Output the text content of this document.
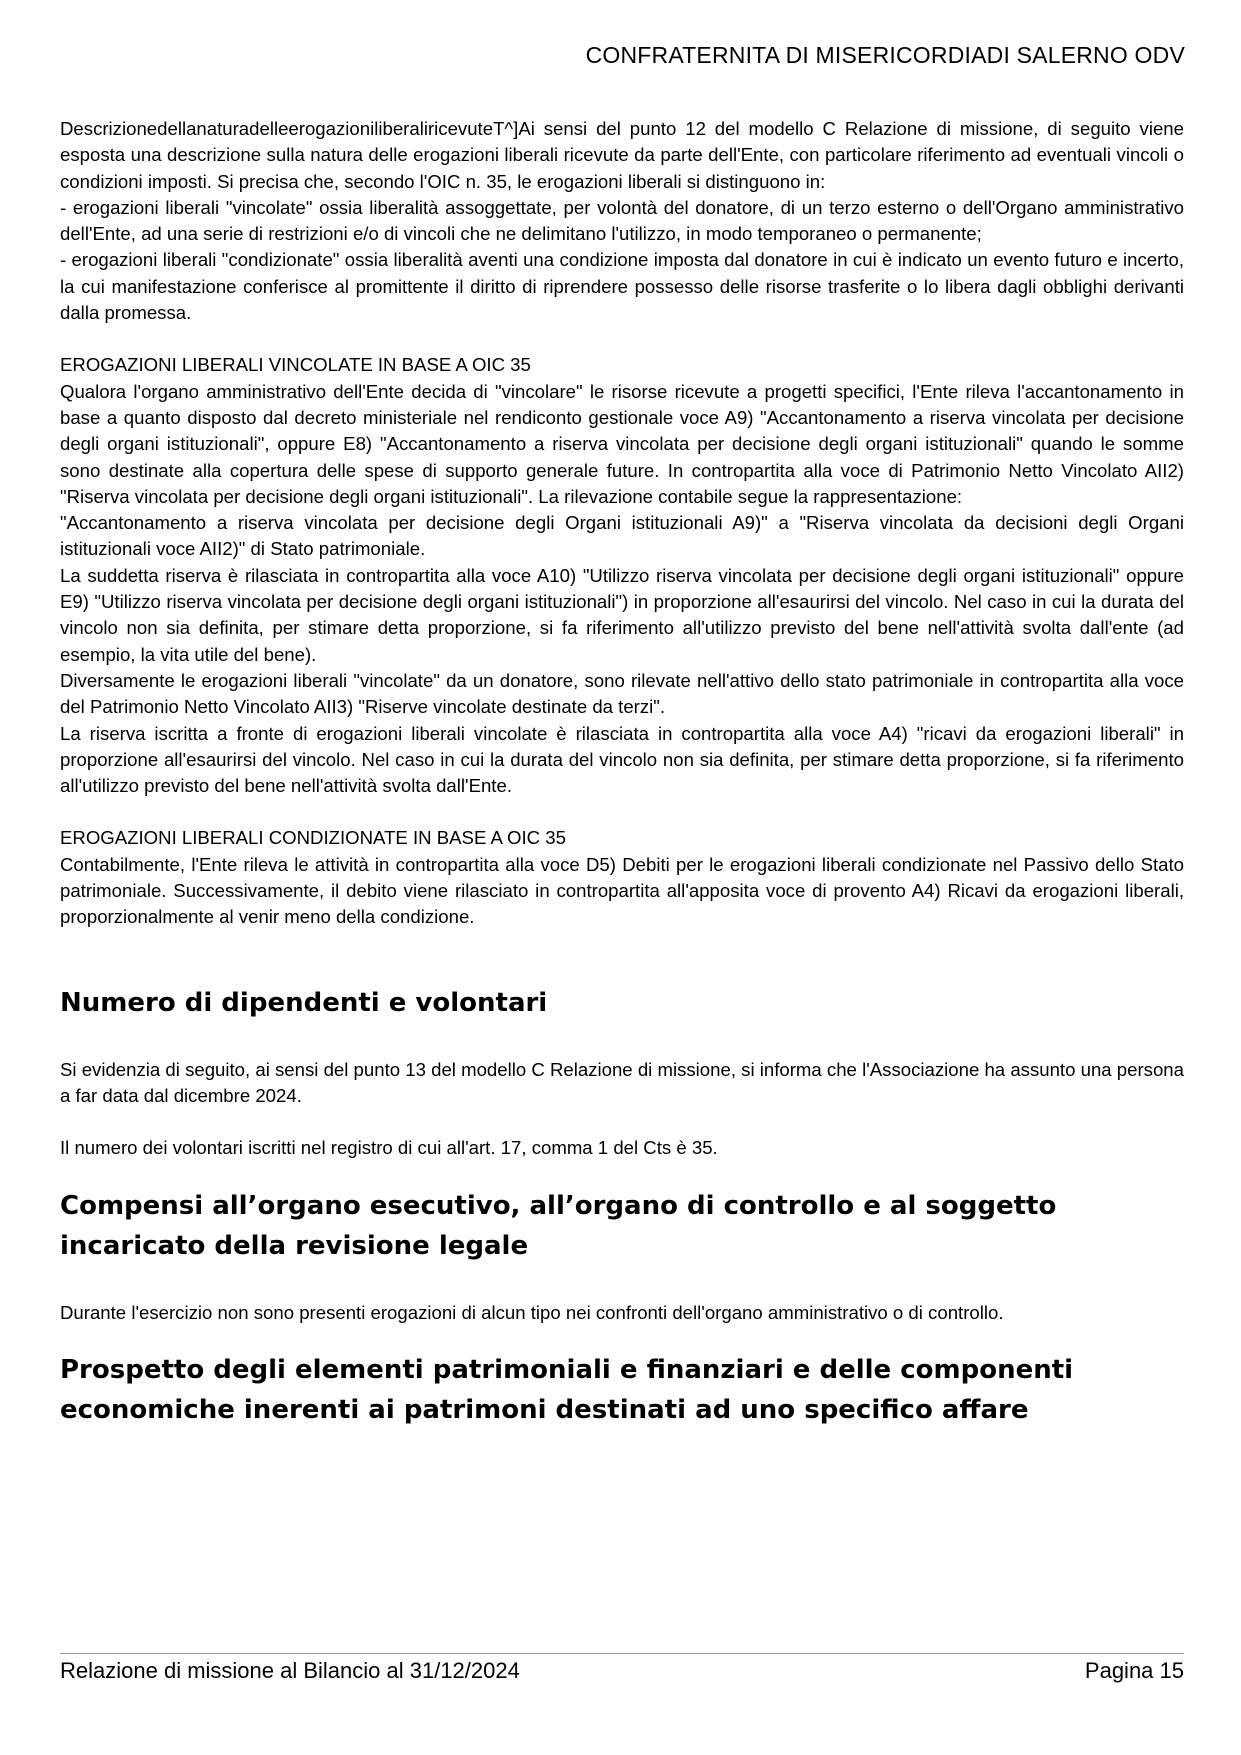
CONFRATERNITA DI MISERICORDIADI SALERNO ODV

DescrizionedellanaturadelleerogazioniliberaliricevuteT^]Ai sensi del punto 12 del modello C Relazione di missione, di seguito viene esposta una descrizione sulla natura delle erogazioni liberali ricevute da parte dell'Ente, con particolare riferimento ad eventuali vincoli o condizioni imposti. Si precisa che, secondo l'OIC n. 35, le erogazioni liberali si distinguono in:

- erogazioni liberali "vincolate" ossia liberalità assoggettate, per volontà del donatore, di un terzo esterno o dell'Organo amministrativo dell'Ente, ad una serie di restrizioni e/o di vincoli che ne delimitano l'utilizzo, in modo temporaneo o permanente;

- erogazioni liberali "condizionate" ossia liberalità aventi una condizione imposta dal donatore in cui è indicato un evento futuro e incerto, la cui manifestazione conferisce al promittente il diritto di riprendere possesso delle risorse trasferite o lo libera dagli obblighi derivanti dalla promessa.

EROGAZIONI LIBERALI VINCOLATE IN BASE A OIC 35

Qualora l'organo amministrativo dell'Ente decida di "vincolare" le risorse ricevute a progetti specifici, l'Ente rileva l'accantonamento in base a quanto disposto dal decreto ministeriale nel rendiconto gestionale voce A9) "Accantonamento a riserva vincolata per decisione degli organi istituzionali", oppure E8) "Accantonamento a riserva vincolata per decisione degli organi istituzionali" quando le somme sono destinate alla copertura delle spese di supporto generale future. In contropartita alla voce di Patrimonio Netto Vincolato AII2) "Riserva vincolata per decisione degli organi istituzionali". La rilevazione contabile segue la rappresentazione:

"Accantonamento a riserva vincolata per decisione degli Organi istituzionali A9)" a "Riserva vincolata da decisioni degli Organi istituzionali voce AII2)" di Stato patrimoniale.

La suddetta riserva è rilasciata in contropartita alla voce A10) "Utilizzo riserva vincolata per decisione degli organi istituzionali" oppure E9) "Utilizzo riserva vincolata per decisione degli organi istituzionali") in proporzione all'esaurirsi del vincolo. Nel caso in cui la durata del vincolo non sia definita, per stimare detta proporzione, si fa riferimento all'utilizzo previsto del bene nell'attività svolta dall'ente (ad esempio, la vita utile del bene).

Diversamente le erogazioni liberali "vincolate" da un donatore, sono rilevate nell'attivo dello stato patrimoniale in contropartita alla voce del Patrimonio Netto Vincolato AII3) "Riserve vincolate destinate da terzi".

La riserva iscritta a fronte di erogazioni liberali vincolate è rilasciata in contropartita alla voce A4) "ricavi da erogazioni liberali" in proporzione all'esaurirsi del vincolo. Nel caso in cui la durata del vincolo non sia definita, per stimare detta proporzione, si fa riferimento all'utilizzo previsto del bene nell'attività svolta dall'Ente.

EROGAZIONI LIBERALI CONDIZIONATE IN BASE A OIC 35

Contabilmente, l'Ente rileva le attività in contropartita alla voce D5) Debiti per le erogazioni liberali condizionate nel Passivo dello Stato patrimoniale. Successivamente, il debito viene rilasciato in contropartita all'apposita voce di provento A4) Ricavi da erogazioni liberali, proporzionalmente al venir meno della condizione.

Numero di dipendenti e volontari

Si evidenzia di seguito, ai sensi del punto 13 del modello C Relazione di missione, si informa che l'Associazione ha assunto una persona a far data dal dicembre 2024.

Il numero dei volontari iscritti nel registro di cui all'art. 17, comma 1 del Cts è 35.

Compensi all’organo esecutivo, all’organo di controllo e al soggetto incaricato della revisione legale

Durante l'esercizio non sono presenti erogazioni di alcun tipo nei confronti dell'organo amministrativo o di controllo.

Prospetto degli elementi patrimoniali e finanziari e delle componenti economiche inerenti ai patrimoni destinati ad uno specifico affare
Relazione di missione al Bilancio al 31/12/2024	Pagina 15
